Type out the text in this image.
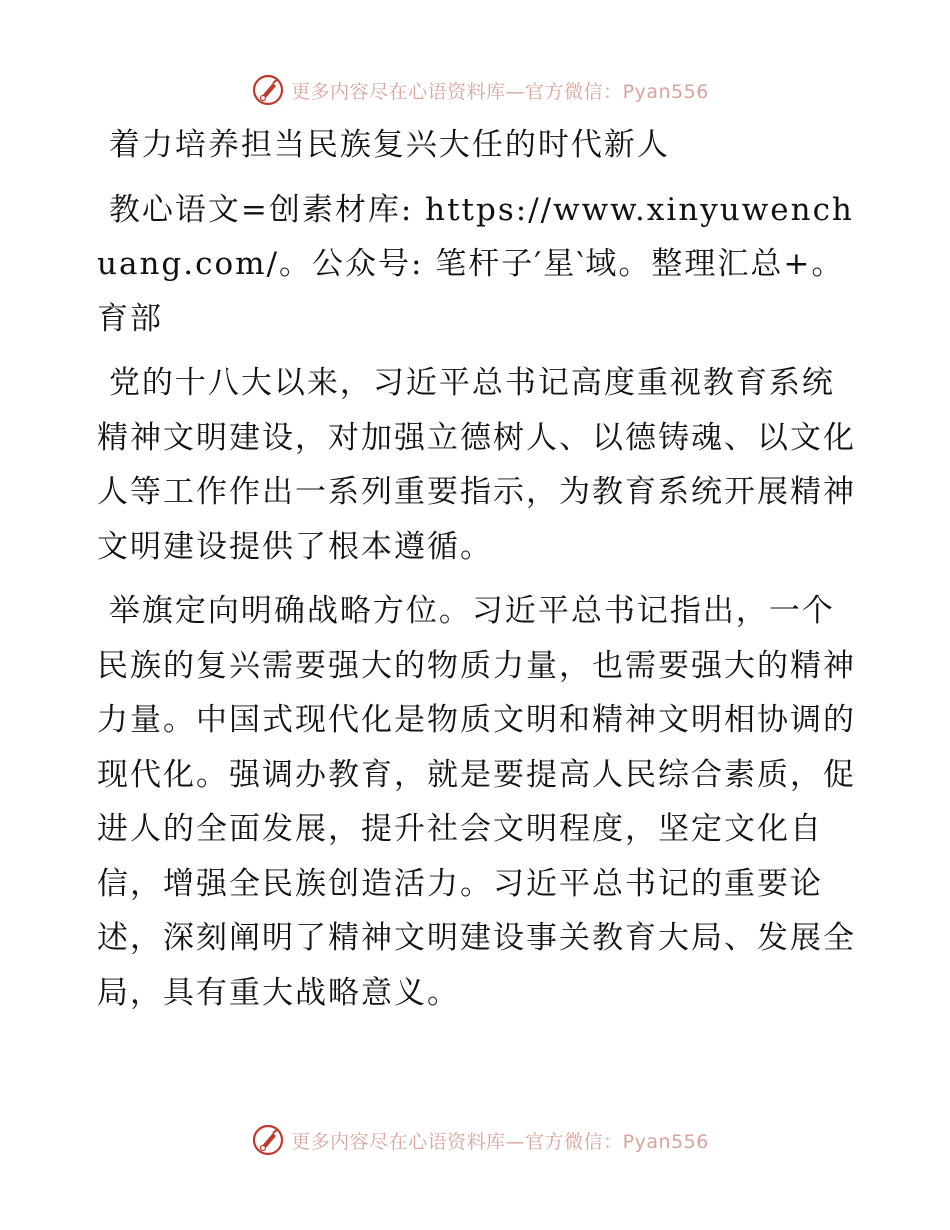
更多内容尽在心语资料库—官方微信：Pyan556

着力培养担当民族复兴大任的时代新人

教心语文=创素材库: https://www.xinyuwenchuang.com/。公众号: 笔杆子′星‵域。整理汇总+。育部

党的十八大以来，习近平总书记高度重视教育系统精神文明建设，对加强立德树人、以德铸魂、以文化人等工作作出一系列重要指示，为教育系统开展精神文明建设提供了根本遵循。

举旗定向明确战略方位。习近平总书记指出，一个民族的复兴需要强大的物质力量，也需要强大的精神力量。中国式现代化是物质文明和精神文明相协调的现代化。强调办教育，就是要提高人民综合素质，促进人的全面发展，提升社会文明程度，坚定文化自信，增强全民族创造活力。习近平总书记的重要论述，深刻阐明了精神文明建设事关教育大局、发展全局，具有重大战略意义。

更多内容尽在心语资料库—官方微信：Pyan556
